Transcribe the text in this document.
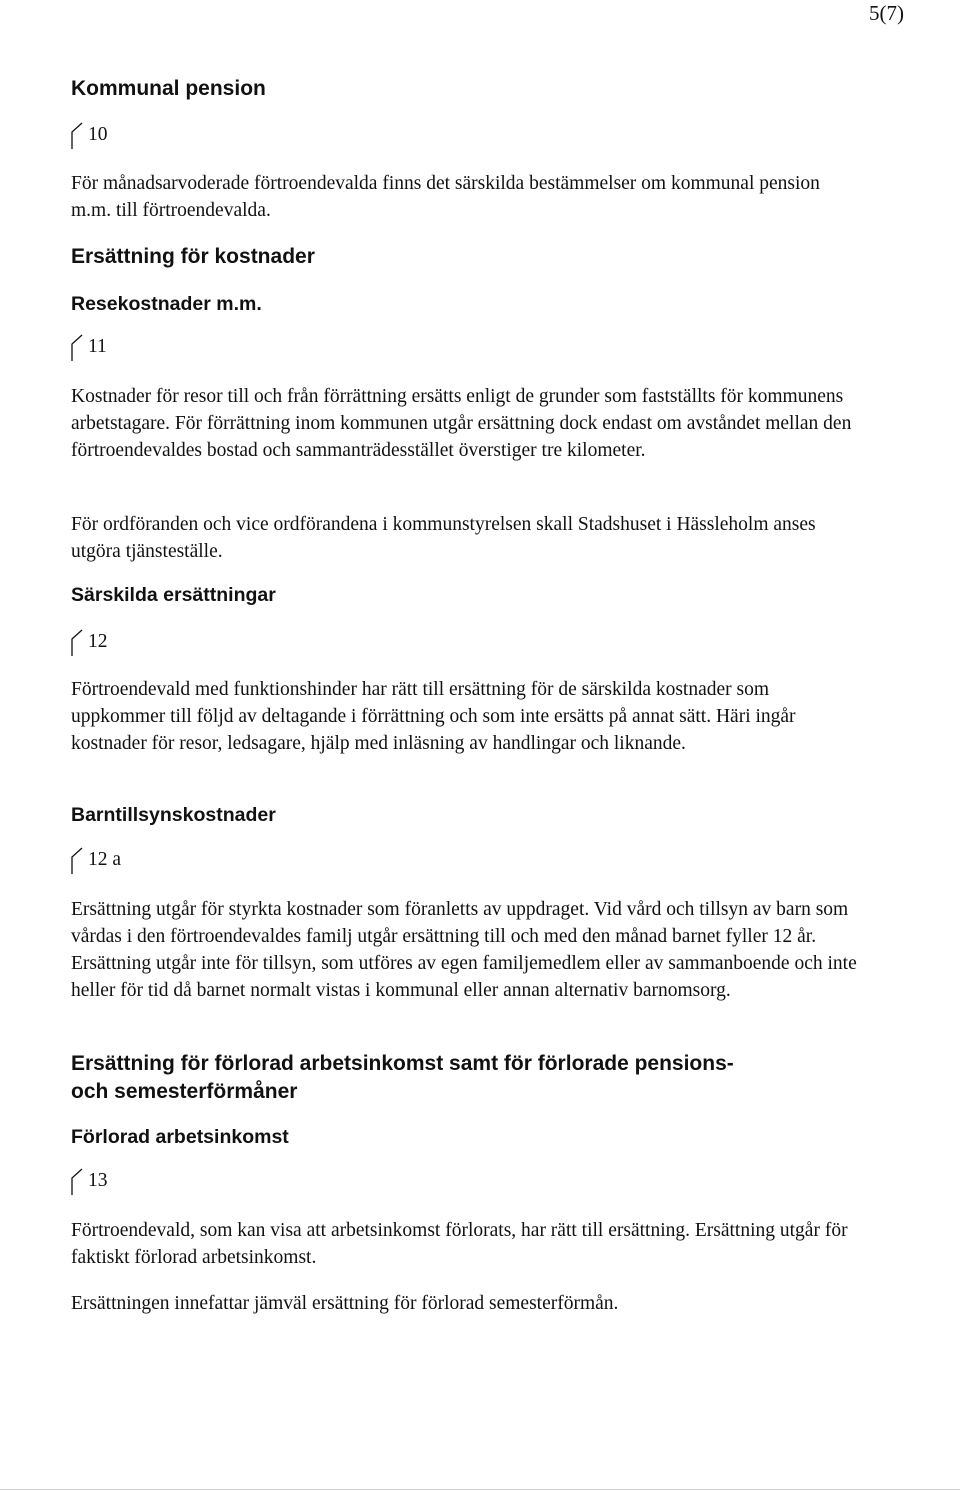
5(7)
Kommunal pension
10

För månadsarvoderade förtroendevalda finns det särskilda bestämmelser om kommunal pension m.m. till förtroendevalda.

Ersättning för kostnader
Resekostnader m.m.
11

Kostnader för resor till och från förrättning ersätts enligt de grunder som fastställts för kommunens arbetstagare. För förrättning inom kommunen utgår ersättning dock endast om avståndet mellan den förtroendevaldes bostad och sammanträdesstället överstiger tre kilometer.

För ordföranden och vice ordförandena i kommunstyrelsen skall Stadshuset i Hässleholm anses utgöra tjänsteställe.

Särskilda ersättningar
12

Förtroendevald med funktionshinder har rätt till ersättning för de särskilda kostnader som uppkommer till följd av deltagande i förrättning och som inte ersätts på annat sätt. Häri ingår kostnader för resor, ledsagare, hjälp med inläsning av handlingar och liknande.

Barntillsynskostnader
12 a

Ersättning utgår för styrkta kostnader som föranletts av uppdraget. Vid vård och tillsyn av barn som vårdas i den förtroendevaldes familj utgår ersättning till och med den månad barnet fyller 12 år. Ersättning utgår inte för tillsyn, som utföres av egen familjemedlem eller av sammanboende och inte heller för tid då barnet normalt vistas i kommunal eller annan alternativ barnomsorg.

Ersättning för förlorad arbetsinkomst samt för förlorade pensions-
och semesterförmåner
Förlorad arbetsinkomst
13

Förtroendevald, som kan visa att arbetsinkomst förlorats, har rätt till ersättning. Ersättning utgår för faktiskt förlorad arbetsinkomst.

Ersättningen innefattar jämväl ersättning för förlorad semesterförmån.
